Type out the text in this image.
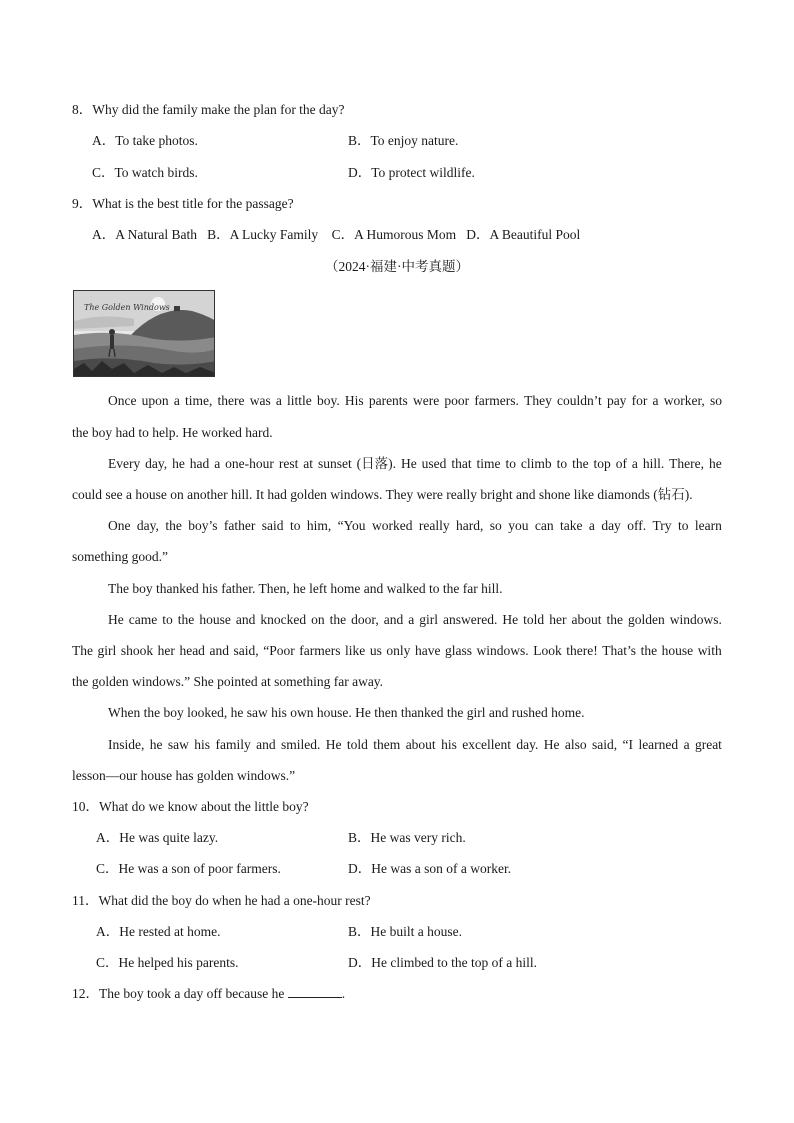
8．Why did the family make the plan for the day?
A．To take photos.	B．To enjoy nature.
C．To watch birds.	D．To protect wildlife.
9．What is the best title for the passage?
A．A Natural Bath   B．A Lucky Family    C．A Humorous Mom   D．A Beautiful Pool
（2024·福建·中考真题）
The Golden Windows
Once upon a time, there was a little boy. His parents were poor farmers. They couldn’t pay for a worker, so
the boy had to help. He worked hard.
Every day, he had a one-hour rest at sunset (日落). He used that time to climb to the top of a hill. There, he
could see a house on another hill. It had golden windows. They were really bright and shone like diamonds (钻石).
One day, the boy’s father said to him, “You worked really hard, so you can take a day off. Try to learn
something good.”
The boy thanked his father. Then, he left home and walked to the far hill.
He came to the house and knocked on the door, and a girl answered. He told her about the golden windows.
The girl shook her head and said, “Poor farmers like us only have glass windows. Look there! That’s the house with
the golden windows.” She pointed at something far away.
When the boy looked, he saw his own house. He then thanked the girl and rushed home.
Inside, he saw his family and smiled. He told them about his excellent day. He also said, “I learned a great
lesson—our house has golden windows.”
10．What do we know about the little boy?
A．He was quite lazy.	B．He was very rich.
C．He was a son of poor farmers.	D．He was a son of a worker.
11．What did the boy do when he had a one-hour rest?
A．He rested at home.	B．He built a house.
C．He helped his parents.	D．He climbed to the top of a hill.
12．The boy took a day off because he	.
